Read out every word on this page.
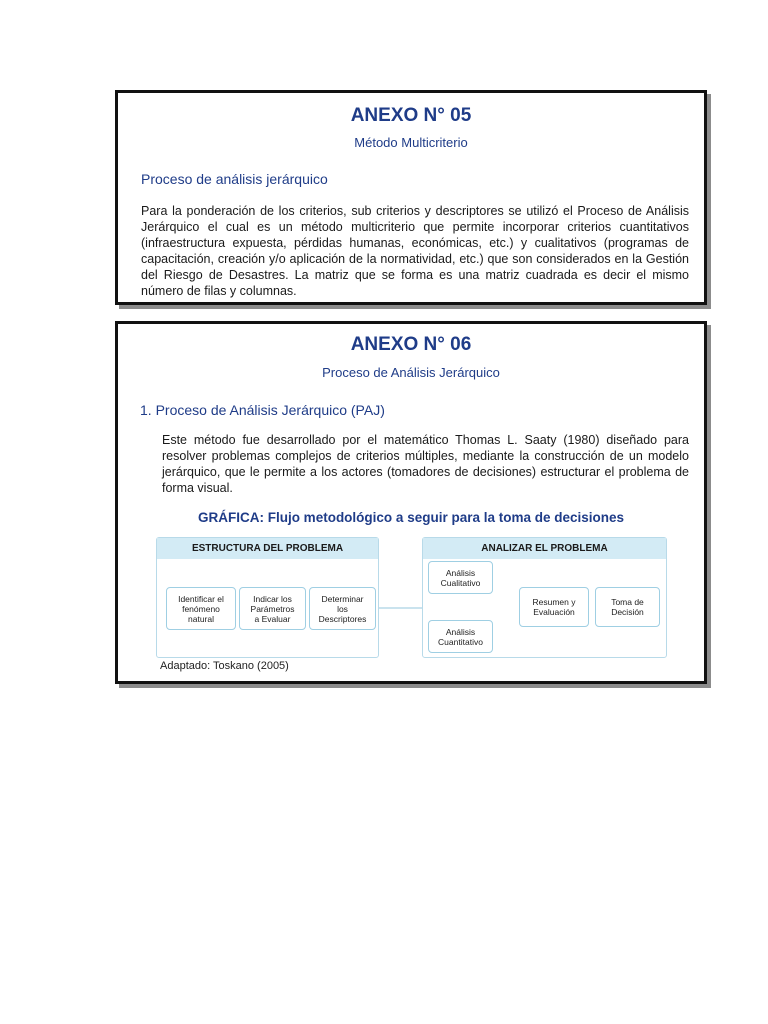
ANEXO N° 05
Método Multicriterio
Proceso de análisis jerárquico
Para la ponderación de los criterios, sub criterios y descriptores se utilizó el Proceso de Análisis Jerárquico el cual es un método multicriterio que permite incorporar criterios cuantitativos (infraestructura expuesta, pérdidas humanas, económicas, etc.) y cualitativos (programas de capacitación, creación y/o aplicación de la normatividad, etc.) que son considerados en la Gestión del Riesgo de Desastres. La matriz que se forma es una matriz cuadrada es decir el mismo número de filas y columnas.
ANEXO N° 06
Proceso de Análisis Jerárquico
1. Proceso de Análisis Jerárquico (PAJ)
Este método fue desarrollado por el matemático Thomas L. Saaty (1980) diseñado para resolver problemas complejos de criterios múltiples, mediante la construcción de un modelo jerárquico, que le permite a los actores (tomadores de decisiones) estructurar el problema de forma visual.
GRÁFICA: Flujo metodológico a seguir para la toma de decisiones
ESTRUCTURA DEL PROBLEMA	ANALIZAR EL PROBLEMA
Identificar el
fenómeno
natural
Indicar los
Parámetros
a Evaluar
Determinar
los
Descriptores
Análisis
Cualitativo
Análisis
Cuantitativo
Resumen y
Evaluación
Toma de
Decisión
Adaptado: Toskano (2005)
